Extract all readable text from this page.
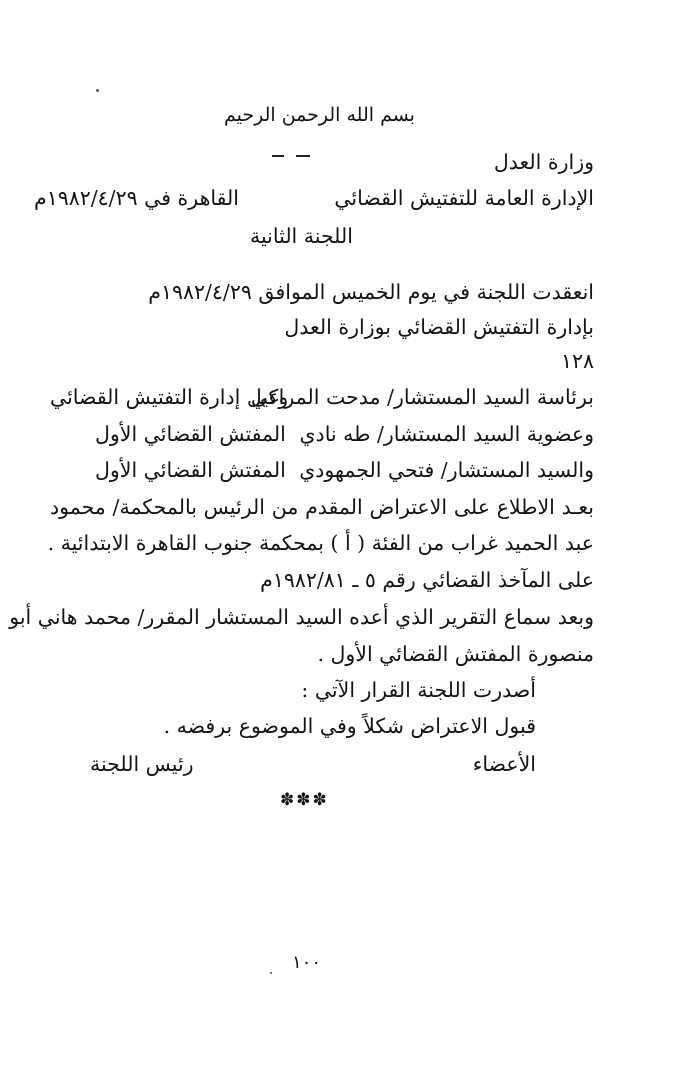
بسم الله الرحمن الرحيم
وزارة العدل
الإدارة العامة للتفتيش القضائي
القاهرة في ١٩٨٢/٤/٢٩م
اللجنة الثانية
انعقدت اللجنة في يوم الخميس الموافق ١٩٨٢/٤/٢٩م
بإدارة التفتيش القضائي بوزارة العدل
١٢٨
برئاسة السيد المستشار/ مدحت المراغي
وكيل إدارة التفتيش القضائي
وعضوية السيد المستشار/ طه نادي
المفتش القضائي الأول
والسيد المستشار/ فتحي الجمهودي
المفتش القضائي الأول
بعـد الاطلاع على الاعتراض المقدم من الرئيس بالمحكمة/ محمود
عبد الحميد غراب من الفئة ( أ ) بمحكمة جنوب القاهرة الابتدائية .
على المآخذ القضائي رقم ٥ ـ ١٩٨٢/٨١م
وبعد سماع التقرير الذي أعده السيد المستشار المقرر/ محمد هاني أبو
منصورة المفتش القضائي الأول .
أصدرت اللجنة القرار الآتي :
قبول الاعتراض شكلاً وفي الموضوع برفضه .
الأعضاء
رئيس اللجنة
✽✽✽
١٠٠
